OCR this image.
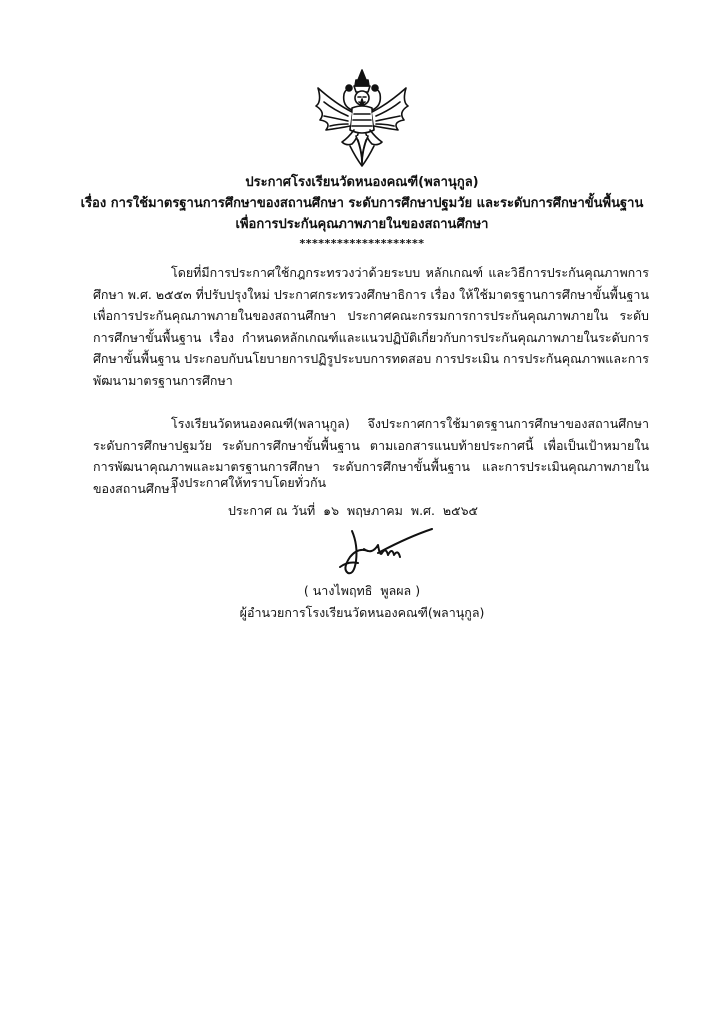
ประกาศโรงเรียนวัดหนองคณฑี(พลานุกูล)
เรื่อง การใช้มาตรฐานการศึกษาของสถานศึกษา ระดับการศึกษาปฐมวัย และระดับการศึกษาขั้นพื้นฐาน
เพื่อการประกันคุณภาพภายในของสถานศึกษา
********************
โดยที่มีการประกาศใช้กฎกระทรวงว่าด้วยระบบ หลักเกณฑ์ และวิธีการประกันคุณภาพการศึกษา พ.ศ. ๒๕๕๓ ที่ปรับปรุงใหม่ ประกาศกระทรวงศึกษาธิการ เรื่อง ให้ใช้มาตรฐานการศึกษาขั้นพื้นฐานเพื่อการประกันคุณภาพภายในของสถานศึกษา ประกาศคณะกรรมการการประกันคุณภาพภายใน ระดับการศึกษาขั้นพื้นฐาน เรื่อง กำหนดหลักเกณฑ์และแนวปฏิบัติเกี่ยวกับการประกันคุณภาพภายในระดับการศึกษาขั้นพื้นฐาน ประกอบกับนโยบายการปฏิรูประบบการทดสอบ การประเมิน การประกันคุณภาพและการพัฒนามาตรฐานการศึกษา
โรงเรียนวัดหนองคณฑี(พลานุกูล) จึงประกาศการใช้มาตรฐานการศึกษาของสถานศึกษาระดับการศึกษาปฐมวัย ระดับการศึกษาขั้นพื้นฐาน ตามเอกสารแนบท้ายประกาศนี้ เพื่อเป็นเป้าหมายในการพัฒนาคุณภาพและมาตรฐานการศึกษา ระดับการศึกษาขั้นพื้นฐาน และการประเมินคุณภาพภายในของสถานศึกษา
จึงประกาศให้ทราบโดยทั่วกัน
ประกาศ ณ วันที่  ๑๖  พฤษภาคม  พ.ศ.  ๒๕๖๕
( นางไพฤทธิ  พูลผล )
ผู้อำนวยการโรงเรียนวัดหนองคณฑี(พลานุกูล)
